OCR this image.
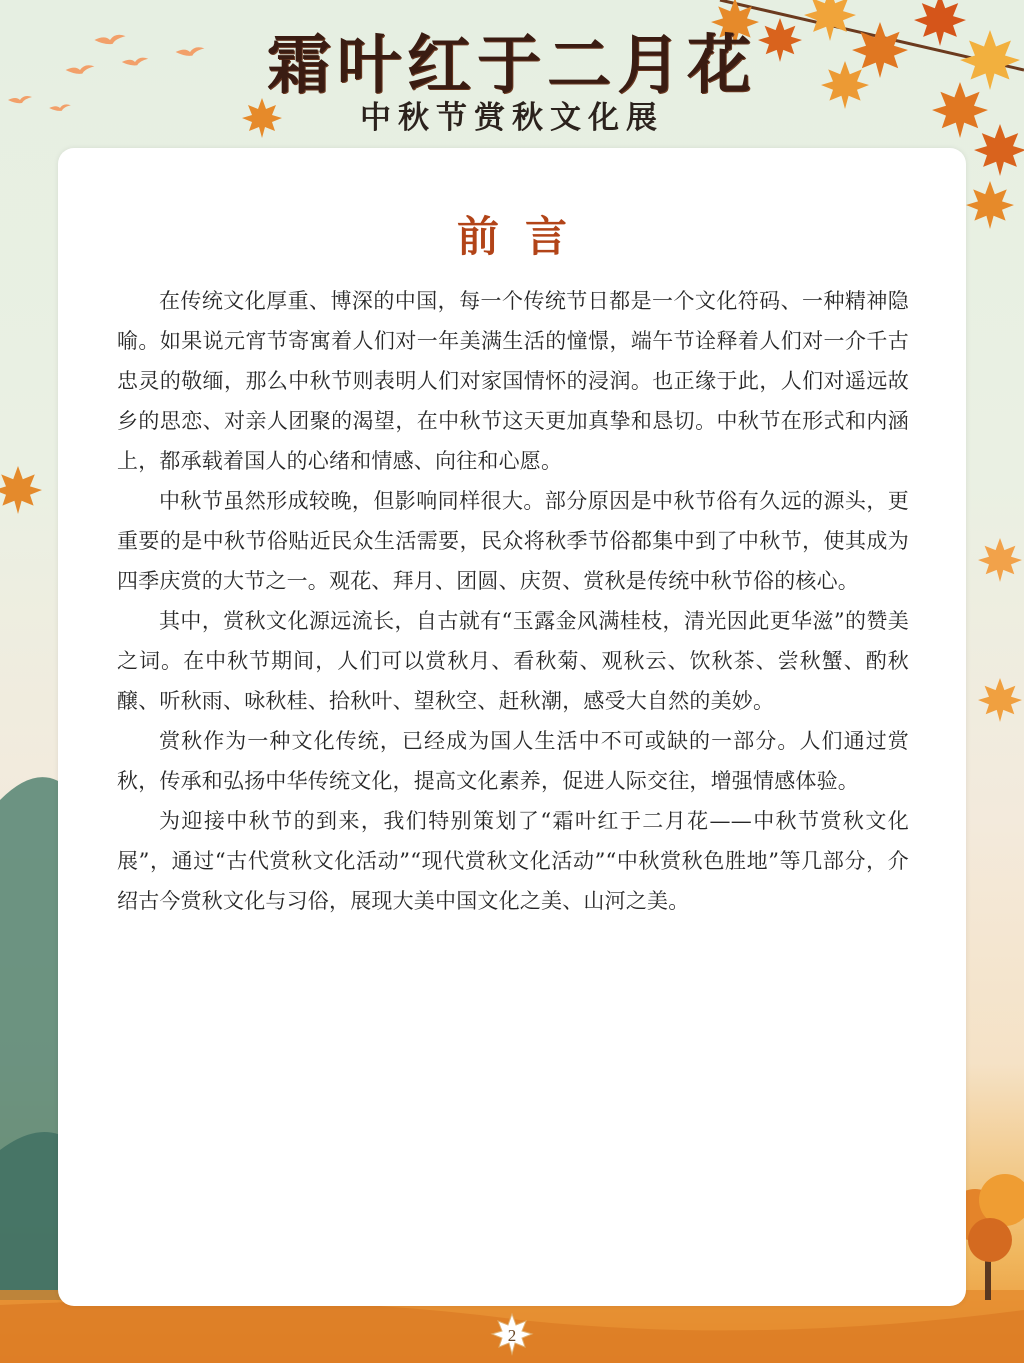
霜叶红于二月花
中秋节赏秋文化展
前言

在传统文化厚重、博深的中国，每一个传统节日都是一个文化符码、一种精神隐喻。如果说元宵节寄寓着人们对一年美满生活的憧憬，端午节诠释着人们对一介千古忠灵的敬缅，那么中秋节则表明人们对家国情怀的浸润。也正缘于此，人们对遥远故乡的思恋、对亲人团聚的渴望，在中秋节这天更加真挚和恳切。中秋节在形式和内涵上，都承载着国人的心绪和情感、向往和心愿。

中秋节虽然形成较晚，但影响同样很大。部分原因是中秋节俗有久远的源头，更重要的是中秋节俗贴近民众生活需要，民众将秋季节俗都集中到了中秋节，使其成为四季庆赏的大节之一。观花、拜月、团圆、庆贺、赏秋是传统中秋节俗的核心。

其中，赏秋文化源远流长，自古就有“玉露金风满桂枝，清光因此更华滋”的赞美之词。在中秋节期间，人们可以赏秋月、看秋菊、观秋云、饮秋茶、尝秋蟹、酌秋醸、听秋雨、咏秋桂、拾秋叶、望秋空、赶秋潮，感受大自然的美妙。

赏秋作为一种文化传统，已经成为国人生活中不可或缺的一部分。人们通过赏秋，传承和弘扬中华传统文化，提高文化素养，促进人际交往，增强情感体验。

为迎接中秋节的到来，我们特别策划了“霜叶红于二月花——中秋节赏秋文化展”，通过“古代赏秋文化活动”“现代赏秋文化活动”“中秋赏秋色胜地”等几部分，介绍古今赏秋文化与习俗，展现大美中国文化之美、山河之美。

2
